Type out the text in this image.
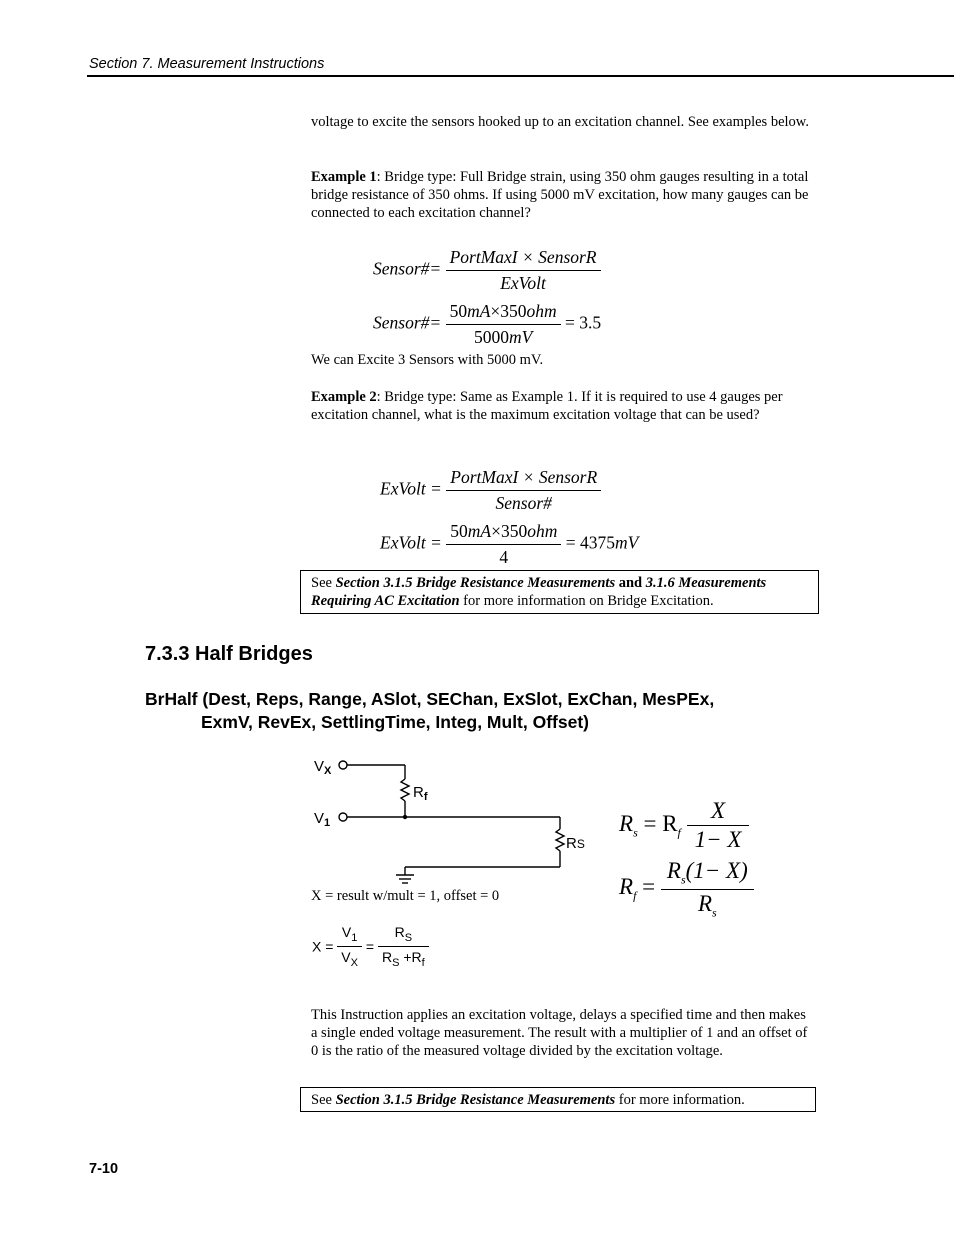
Section 7. Measurement Instructions
voltage to excite the sensors hooked up to an excitation channel. See examples below.
Example 1: Bridge type: Full Bridge strain, using 350 ohm gauges resulting in a total bridge resistance of 350 ohms. If using 5000 mV excitation, how many gauges can be connected to each excitation channel?
Sensor#= $\frac{\text{PortMaxI × SensorR}}{\text{ExVolt}}$
Sensor#= $\frac{\text{50mA×350ohm}}{5000mV} = 3.5$
We can Excite 3 Sensors with 5000 mV.
Example 2: Bridge type: Same as Example 1. If it is required to use 4 gauges per excitation channel, what is the maximum excitation voltage that can be used?
ExVolt = $\frac{\text{PortMaxI × SensorR}}{\text{Sensor\#}}$
ExVolt = $\frac{\text{50mA×350ohm}}{4} = 4375mV$
See Section 3.1.5 Bridge Resistance Measurements and 3.1.6 Measurements Requiring AC Excitation for more information on Bridge Excitation.
7.3.3 Half Bridges
BrHalf (Dest, Reps, Range, ASlot, SEChan, ExSlot, ExChan, MesPEx,
ExmV, RevEx, SettlingTime, Integ, Mult, Offset)
$V_X$
$V_1$
$R_f$
RS
X = result w/mult = 1, offset = 0
$X = \frac{V_1}{V_X} = \frac{R_S}{R_S +R_f}$
$R_s = R_f \frac{X}{1- X}$
$R_f = \frac{R_s(1- X)}{R_s}$
This Instruction applies an excitation voltage, delays a specified time and then makes a single ended voltage measurement. The result with a multiplier of 1 and an offset of 0 is the ratio of the measured voltage divided by the excitation voltage.
See Section 3.1.5 Bridge Resistance Measurements for more information.
7-10
